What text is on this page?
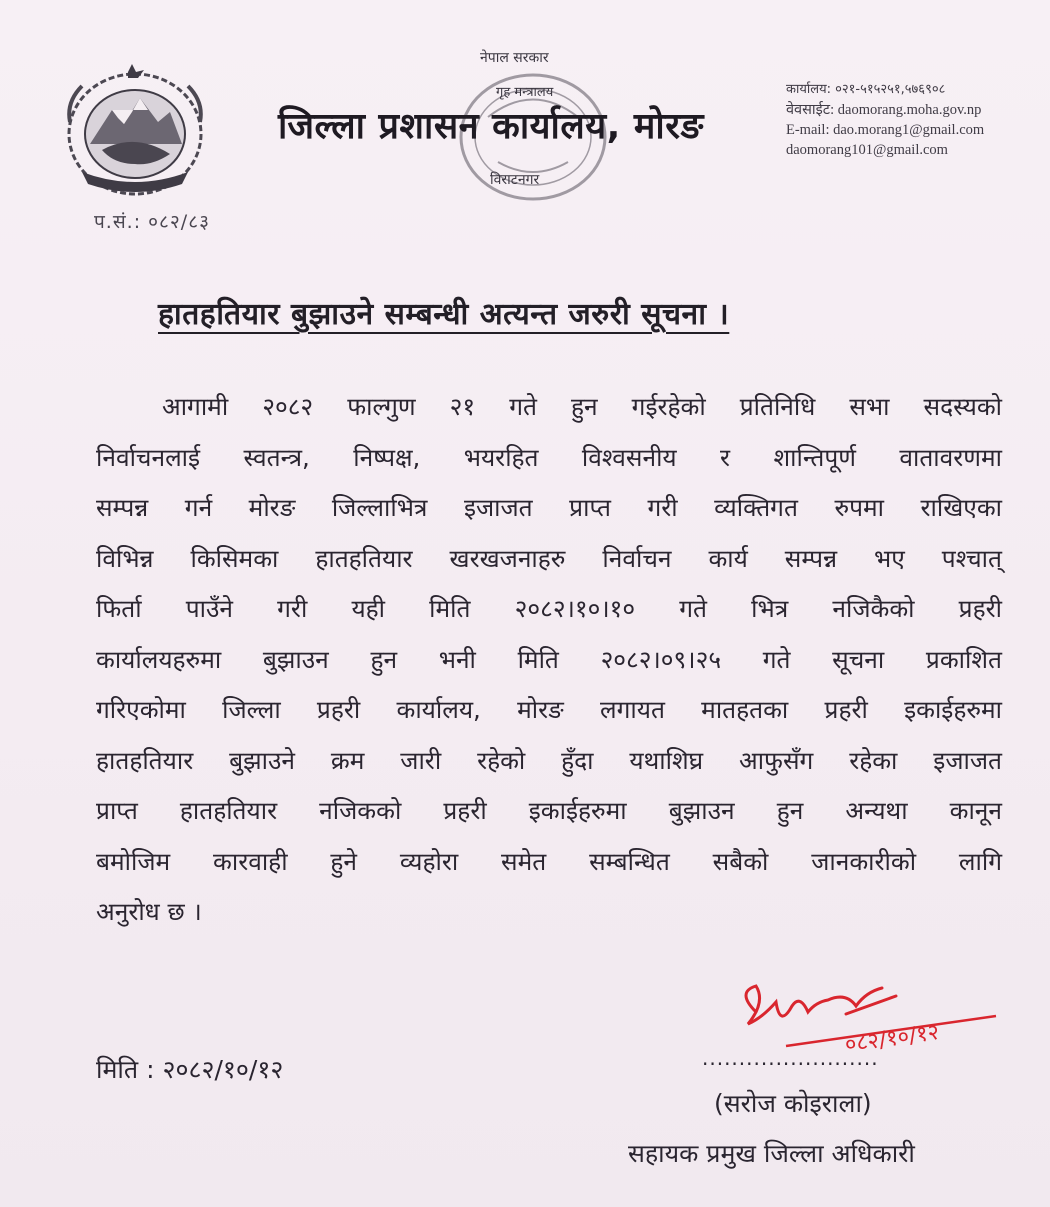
प.सं.: ०८२/८३
नेपाल सरकार
गृह मन्त्रालय
जिल्ला प्रशासन कार्यालय, मोरङ
विराटनगर
कार्यालय: ०२१-५१५२५१,५७६९०८
वेवसाईट: daomorang.moha.gov.np
E-mail: dao.morang1@gmail.com
daomorang101@gmail.com
हातहतियार बुझाउने सम्बन्धी अत्यन्त जरुरी सूचना ।
आगामी २०८२ फाल्गुण २१ गते हुन गईरहेको प्रतिनिधि सभा सदस्यको
निर्वाचनलाई स्वतन्त्र, निष्पक्ष, भयरहित विश्वसनीय र शान्तिपूर्ण वातावरणमा
सम्पन्न गर्न मोरङ जिल्लाभित्र इजाजत प्राप्त गरी व्यक्तिगत रुपमा राखिएका
विभिन्न किसिमका हातहतियार खरखजनाहरु निर्वाचन कार्य सम्पन्न भए पश्चात्
फिर्ता पाउँने गरी यही मिति २०८२।१०।१० गते भित्र नजिकैको प्रहरी
कार्यालयहरुमा बुझाउन हुन भनी मिति २०८२।०९।२५ गते सूचना प्रकाशित
गरिएकोमा जिल्ला प्रहरी कार्यालय, मोरङ लगायत मातहतका प्रहरी इकाईहरुमा
हातहतियार बुझाउने क्रम जारी रहेको हुँदा यथाशिघ्र आफुसँग रहेका इजाजत
प्राप्त हातहतियार नजिकको प्रहरी इकाईहरुमा बुझाउन हुन अन्यथा कानून
बमोजिम कारवाही हुने व्यहोरा समेत सम्बन्धित सबैको जानकारीको लागि
अनुरोध छ ।
मिति : २०८२/१०/१२
०८२/१०/१२
........................
(सरोज कोइराला)
सहायक प्रमुख जिल्ला अधिकारी
